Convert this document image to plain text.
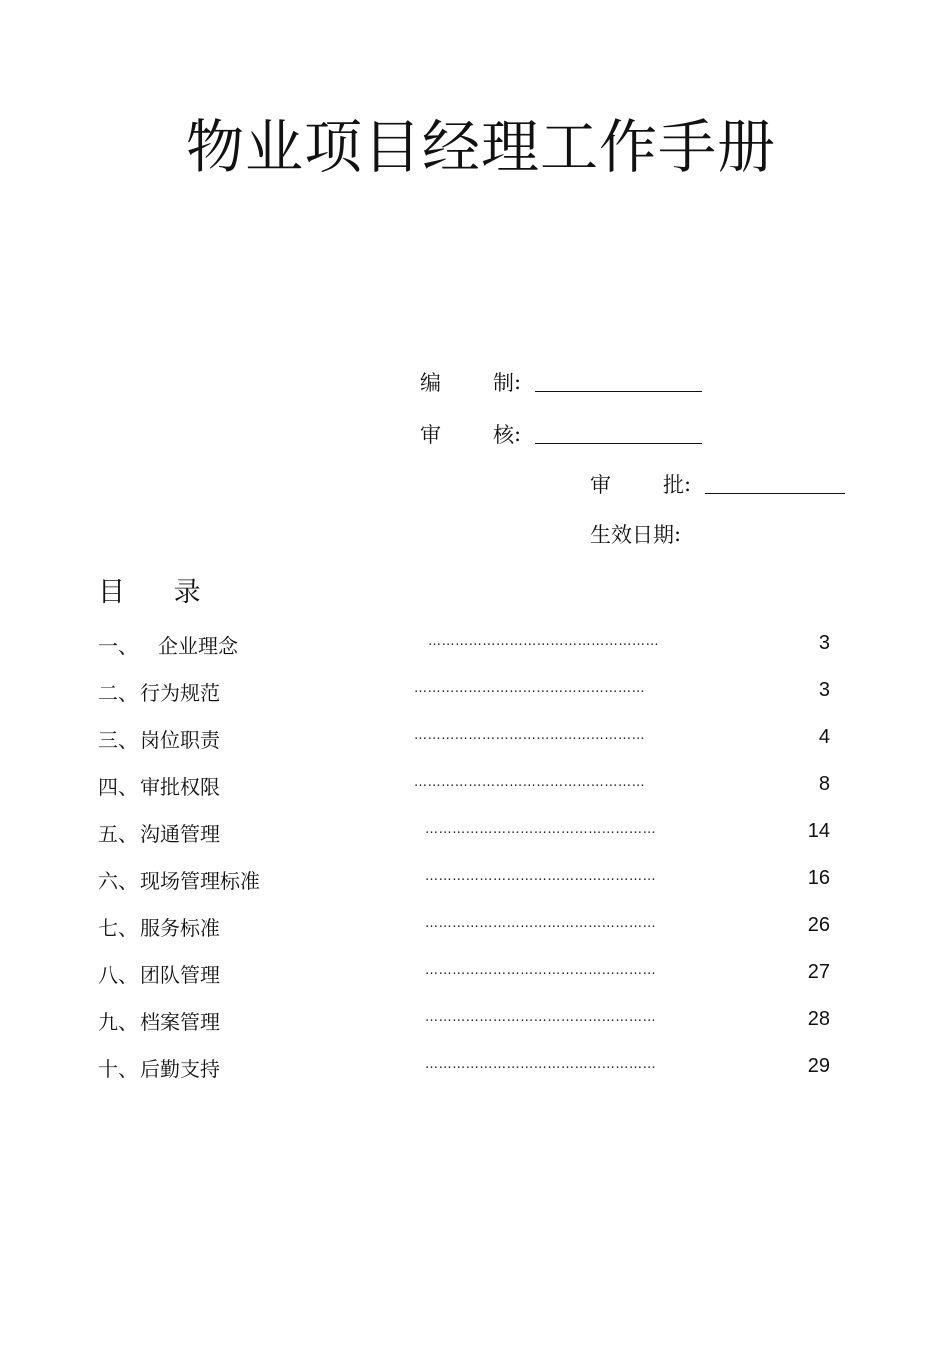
物业项目经理工作手册
编	制 :
审	核 :
审	批 :
生效日期 :
目 录
一、 企业理念	……………………………………………	3
二、 行为规范	……………………………………………	3
三、 岗位职责	……………………………………………	4
四、 审批权限	……………………………………………	8
五、 沟通管理	……………………………………………	14
六、 现场管理标准	……………………………………………	16
七、 服务标准	……………………………………………	26
八、 团队管理	……………………………………………	27
九、 档案管理	……………………………………………	28
十、 后勤支持	……………………………………………	29
